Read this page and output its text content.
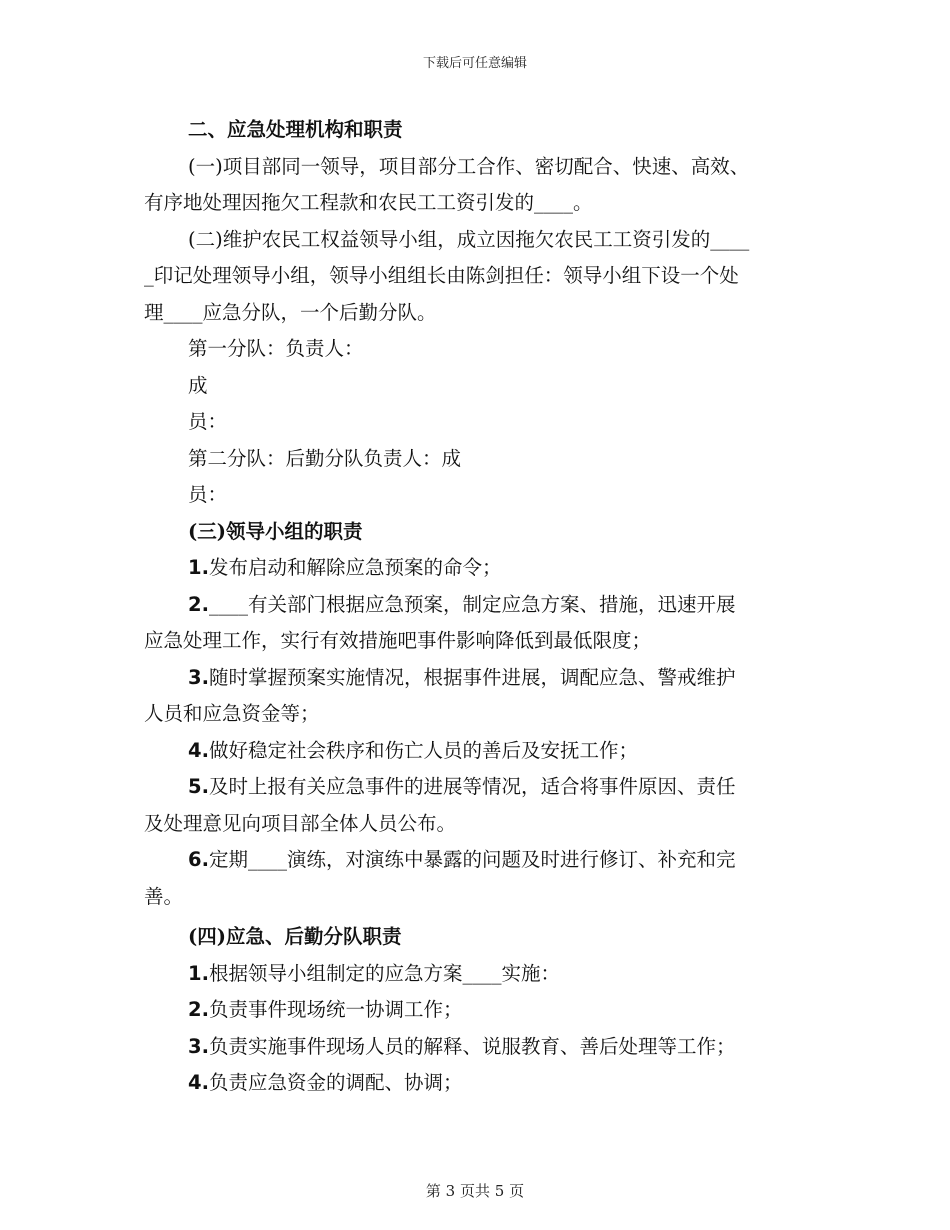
下载后可任意编辑
二、应急处理机构和职责
(一)项目部同一领导，项目部分工合作、密切配合、快速、高效、
有序地处理因拖欠工程款和农民工工资引发的____。
(二)维护农民工权益领导小组，成立因拖欠农民工工资引发的____
_印记处理领导小组，领导小组组长由陈剑担任：领导小组下设一个处
理____应急分队，一个后勤分队。
第一分队：负责人：
成
员：
第二分队：后勤分队负责人：成
员：
(三)领导小组的职责
1.发布启动和解除应急预案的命令；
2.____有关部门根据应急预案，制定应急方案、措施，迅速开展
应急处理工作，实行有效措施吧事件影响降低到最低限度；
3.随时掌握预案实施情况，根据事件进展，调配应急、警戒维护
人员和应急资金等；
4.做好稳定社会秩序和伤亡人员的善后及安抚工作；
5.及时上报有关应急事件的进展等情况，适合将事件原因、责任
及处理意见向项目部全体人员公布。
6.定期____演练，对演练中暴露的问题及时进行修订、补充和完
善。
(四)应急、后勤分队职责
1.根据领导小组制定的应急方案____实施：
2.负责事件现场统一协调工作；
3.负责实施事件现场人员的解释、说服教育、善后处理等工作；
4.负责应急资金的调配、协调；
第 3 页共 5 页
